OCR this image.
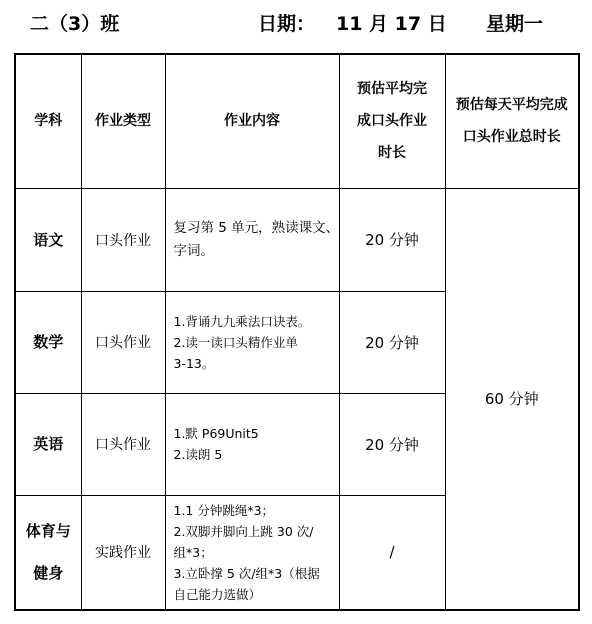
二（3）班	日期： 11 月 17 日 星期一
学科	作业类型	作业内容	预估平均完
成口头作业
时长	预估每天平均完成
口头作业总时长

语文	口头作业	复习第 5 单元，熟读课文、
字词。	20 分钟	60 分钟

数学	口头作业	1.背诵九九乘法口诀表。
2.读一读口头精作业单
3-13。	20 分钟	

英语	口头作业	1.默 P69Unit5
2.读朗 5	20 分钟	

体育与
健身	实践作业	1.1 分钟跳绳*3；
2.双脚并脚向上跳 30 次/
组*3；
3.立卧撑 5 次/组*3（根据
自己能力选做）	/	
